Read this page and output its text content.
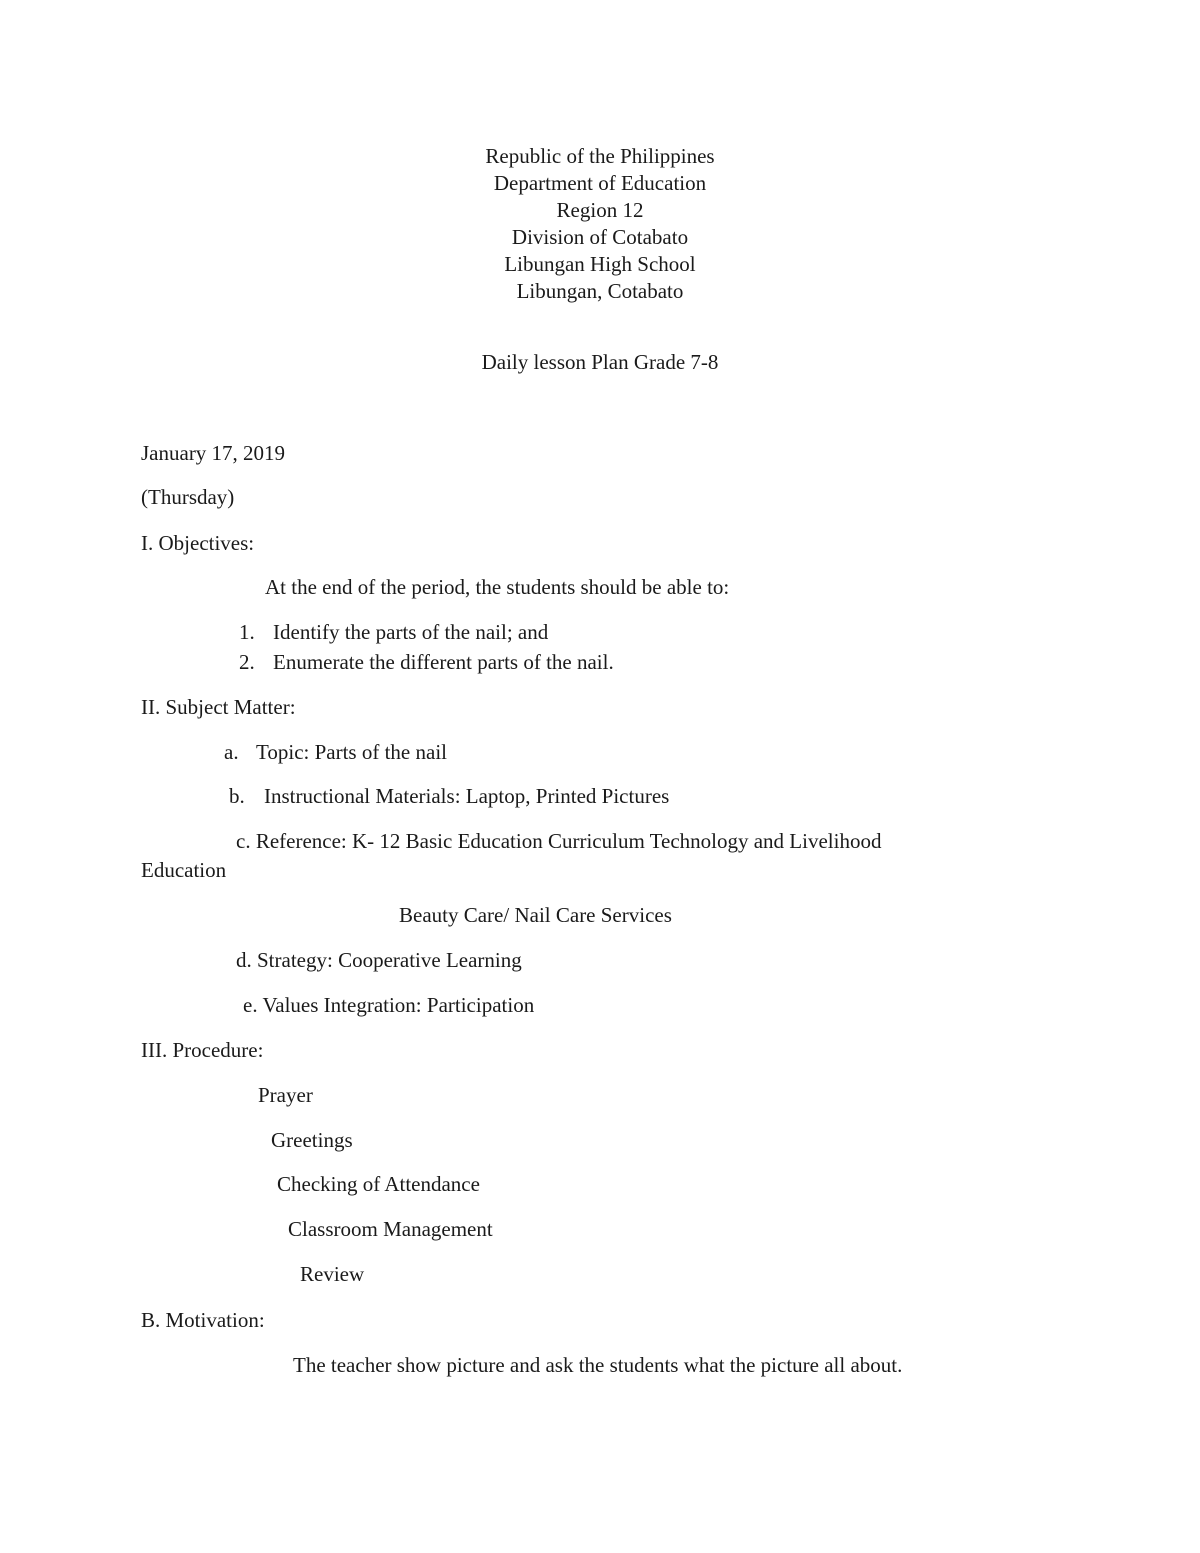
Republic of the Philippines
Department of Education
Region 12
Division of Cotabato
Libungan High School
Libungan, Cotabato
Daily lesson Plan Grade 7-8
January 17, 2019
(Thursday)
I. Objectives:
At the end of the period, the students should be able to:
1. Identify the parts of the nail; and
2. Enumerate the different parts of the nail.
II. Subject Matter:
a. Topic: Parts of the nail
b. Instructional Materials: Laptop, Printed Pictures
c. Reference: K- 12 Basic Education Curriculum Technology and Livelihood
Education
Beauty Care/ Nail Care Services
d. Strategy: Cooperative Learning
e. Values Integration: Participation
III. Procedure:
Prayer
Greetings
Checking of Attendance
Classroom Management
Review
B. Motivation:
The teacher show picture and ask the students what the picture all about.
